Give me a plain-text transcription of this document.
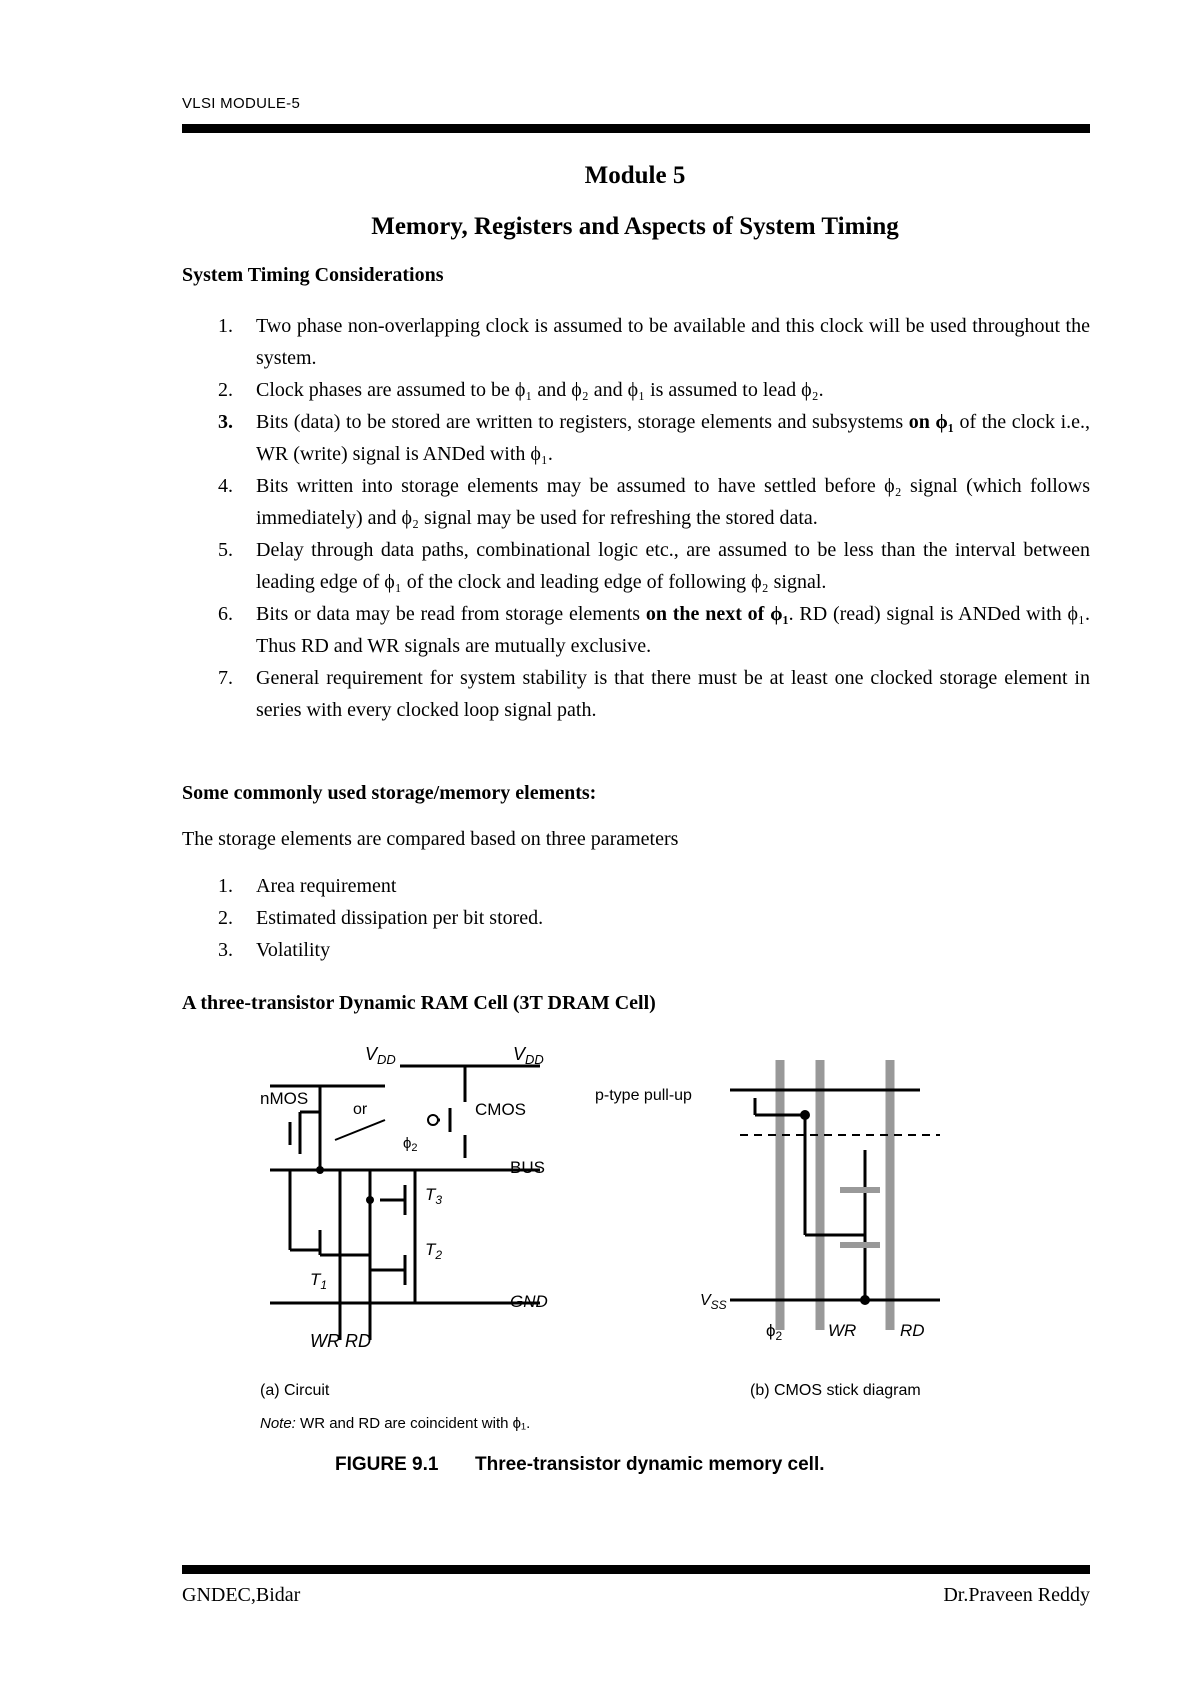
VLSI MODULE-5
Module 5
Memory, Registers and Aspects of System Timing
System Timing Considerations
1. Two phase non-overlapping clock is assumed to be available and this clock will be used throughout the system.
2. Clock phases are assumed to be ϕ₁ and ϕ₂ and ϕ₁ is assumed to lead ϕ₂.
3. Bits (data) to be stored are written to registers, storage elements and subsystems on ϕ₁ of the clock i.e., WR (write) signal is ANDed with ϕ₁.
4. Bits written into storage elements may be assumed to have settled before ϕ₂ signal (which follows immediately) and ϕ₂ signal may be used for refreshing the stored data.
5. Delay through data paths, combinational logic etc., are assumed to be less than the interval between leading edge of ϕ₁ of the clock and leading edge of following ϕ₂ signal.
6. Bits or data may be read from storage elements on the next of ϕ₁. RD (read) signal is ANDed with ϕ₁. Thus RD and WR signals are mutually exclusive.
7. General requirement for system stability is that there must be at least one clocked storage element in series with every clocked loop signal path.
Some commonly used storage/memory elements:
The storage elements are compared based on three parameters
1. Area requirement
2. Estimated dissipation per bit stored.
3. Volatility
A three-transistor Dynamic RAM Cell (3T DRAM Cell)
$V_{DD}$	$V_{DD}$
nMOS
or	CMOS
$\phi_2$
BUS
$T_3$
$T_2$
$T_1$
GND
WR RD
(a) Circuit
p-type pull-up
$V_{SS}$
$\phi_2$	WR	RD
(b) CMOS stick diagram
Note: WR and RD are coincident with ϕ₁.
FIGURE 9.1 Three-transistor dynamic memory cell.
GNDEC,Bidar	Dr.Praveen Reddy
